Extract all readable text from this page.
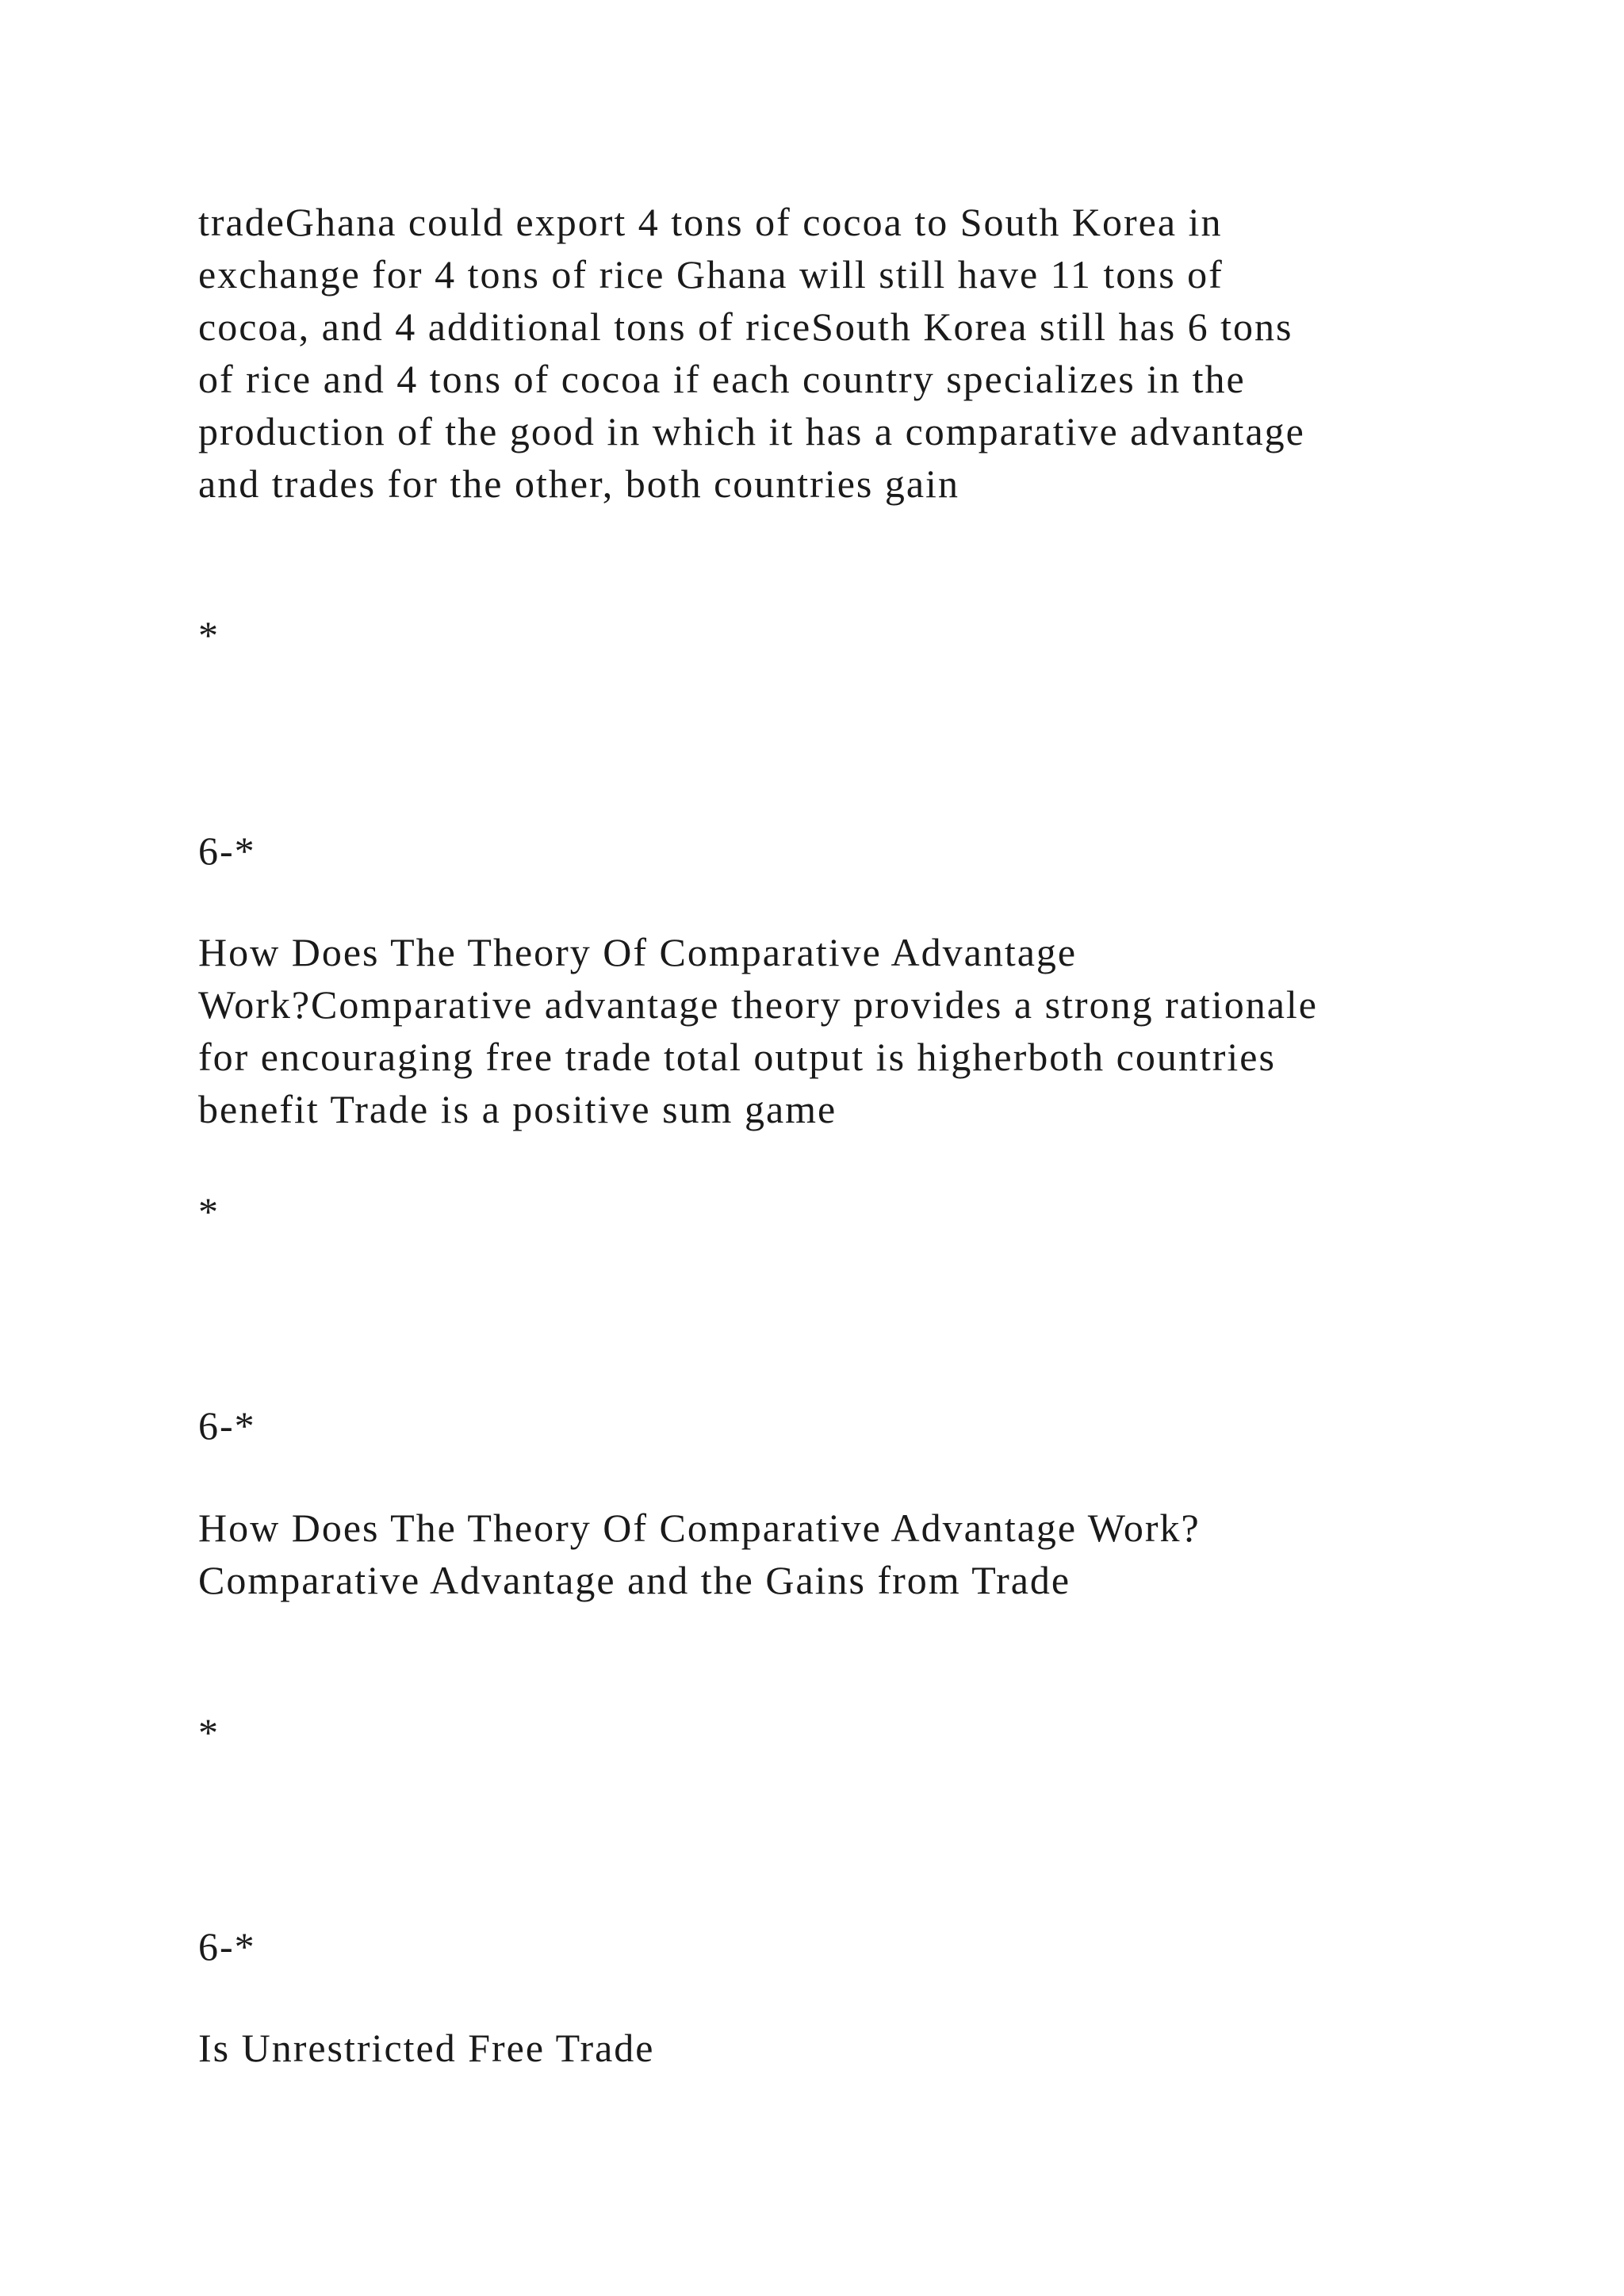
tradeGhana could export 4 tons of cocoa to South Korea in
exchange for 4 tons of rice Ghana will still have 11 tons of
cocoa, and 4 additional tons of riceSouth Korea still has 6 tons
of rice and 4 tons of cocoa if each country specializes in the
production of the good in which it has a comparative advantage
and trades for the other, both countries gain

*

6-*

How Does The Theory Of Comparative Advantage
Work?Comparative advantage theory provides a strong rationale
for encouraging free trade total output is higherboth countries
benefit Trade is a positive sum game

*

6-*

How Does The Theory Of Comparative Advantage Work?
Comparative Advantage and the Gains from Trade

*

6-*

Is Unrestricted Free Trade
